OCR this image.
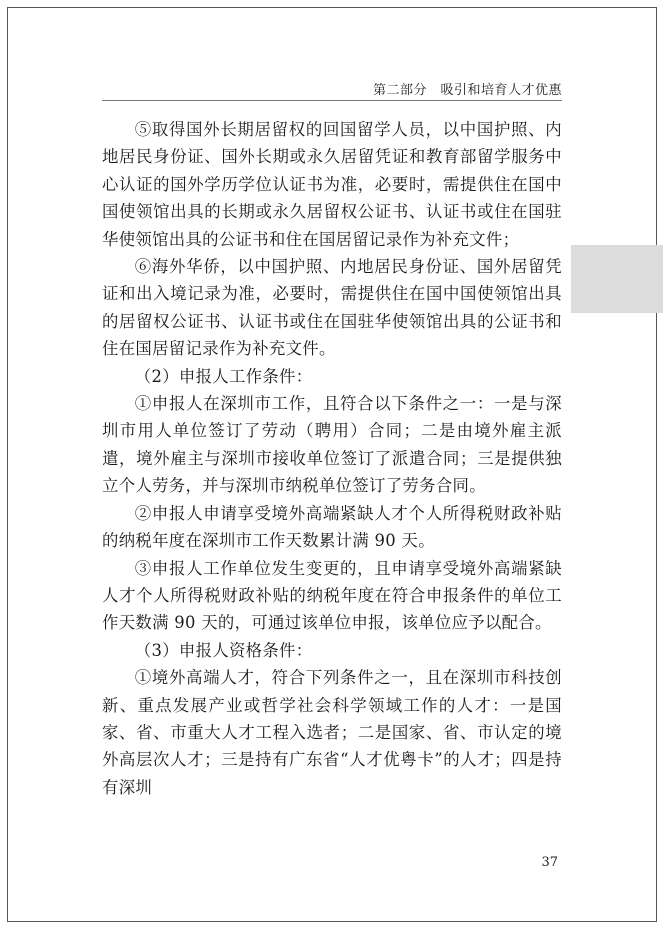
第二部分　吸引和培育人才优惠

⑤取得国外长期居留权的回国留学人员，以中国护照、内地居民身份证、国外长期或永久居留凭证和教育部留学服务中心认证的国外学历学位认证书为准，必要时，需提供住在国中国使领馆出具的长期或永久居留权公证书、认证书或住在国驻华使领馆出具的公证书和住在国居留记录作为补充文件；

⑥海外华侨，以中国护照、内地居民身份证、国外居留凭证和出入境记录为准，必要时，需提供住在国中国使领馆出具的居留权公证书、认证书或住在国驻华使领馆出具的公证书和住在国居留记录作为补充文件。

（2）申报人工作条件：

①申报人在深圳市工作，且符合以下条件之一：一是与深圳市用人单位签订了劳动（聘用）合同；二是由境外雇主派遣，境外雇主与深圳市接收单位签订了派遣合同；三是提供独立个人劳务，并与深圳市纳税单位签订了劳务合同。

②申报人申请享受境外高端紧缺人才个人所得税财政补贴的纳税年度在深圳市工作天数累计满 90 天。

③申报人工作单位发生变更的，且申请享受境外高端紧缺人才个人所得税财政补贴的纳税年度在符合申报条件的单位工作天数满 90 天的，可通过该单位申报，该单位应予以配合。

（3）申报人资格条件：

①境外高端人才，符合下列条件之一，且在深圳市科技创新、重点发展产业或哲学社会科学领域工作的人才：一是国家、省、市重大人才工程入选者；二是国家、省、市认定的境外高层次人才；三是持有广东省“人才优粤卡”的人才；四是持有深圳

37
